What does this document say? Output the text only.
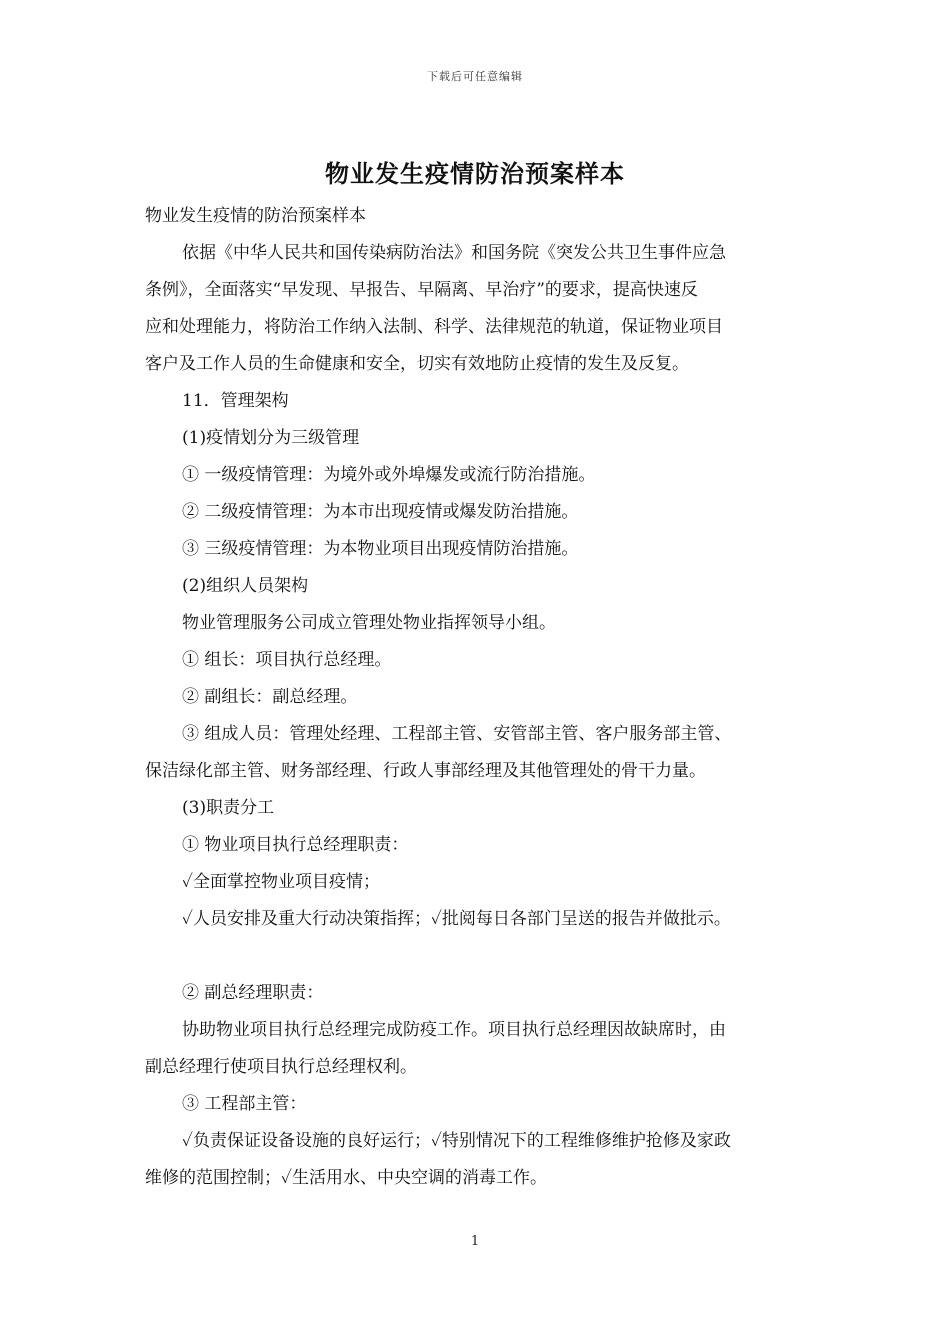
下载后可任意编辑
物业发生疫情防治预案样本

物业发生疫情的防治预案样本

依据《中华人民共和国传染病防治法》和国务院《突发公共卫生事件应急

条例》，全面落实“早发现、早报告、早隔离、早治疗”的要求，提高快速反

应和处理能力，将防治工作纳入法制、科学、法律规范的轨道，保证物业项目

客户及工作人员的生命健康和安全，切实有效地防止疫情的发生及反复。

11．管理架构

(1)疫情划分为三级管理

① 一级疫情管理：为境外或外埠爆发或流行防治措施。

② 二级疫情管理：为本市出现疫情或爆发防治措施。

③ 三级疫情管理：为本物业项目出现疫情防治措施。

(2)组织人员架构

物业管理服务公司成立管理处物业指挥领导小组。

① 组长：项目执行总经理。

② 副组长：副总经理。

③ 组成人员：管理处经理、工程部主管、安管部主管、客户服务部主管、

保洁绿化部主管、财务部经理、行政人事部经理及其他管理处的骨干力量。

(3)职责分工

① 物业项目执行总经理职责：

✓全面掌控物业项目疫情；

✓人员安排及重大行动决策指挥；✓批阅每日各部门呈送的报告并做批示。

② 副总经理职责：

协助物业项目执行总经理完成防疫工作。项目执行总经理因故缺席时，由

副总经理行使项目执行总经理权利。

③ 工程部主管：

✓负责保证设备设施的良好运行；✓特别情况下的工程维修维护抢修及家政

维修的范围控制；✓生活用水、中央空调的消毒工作。

1
